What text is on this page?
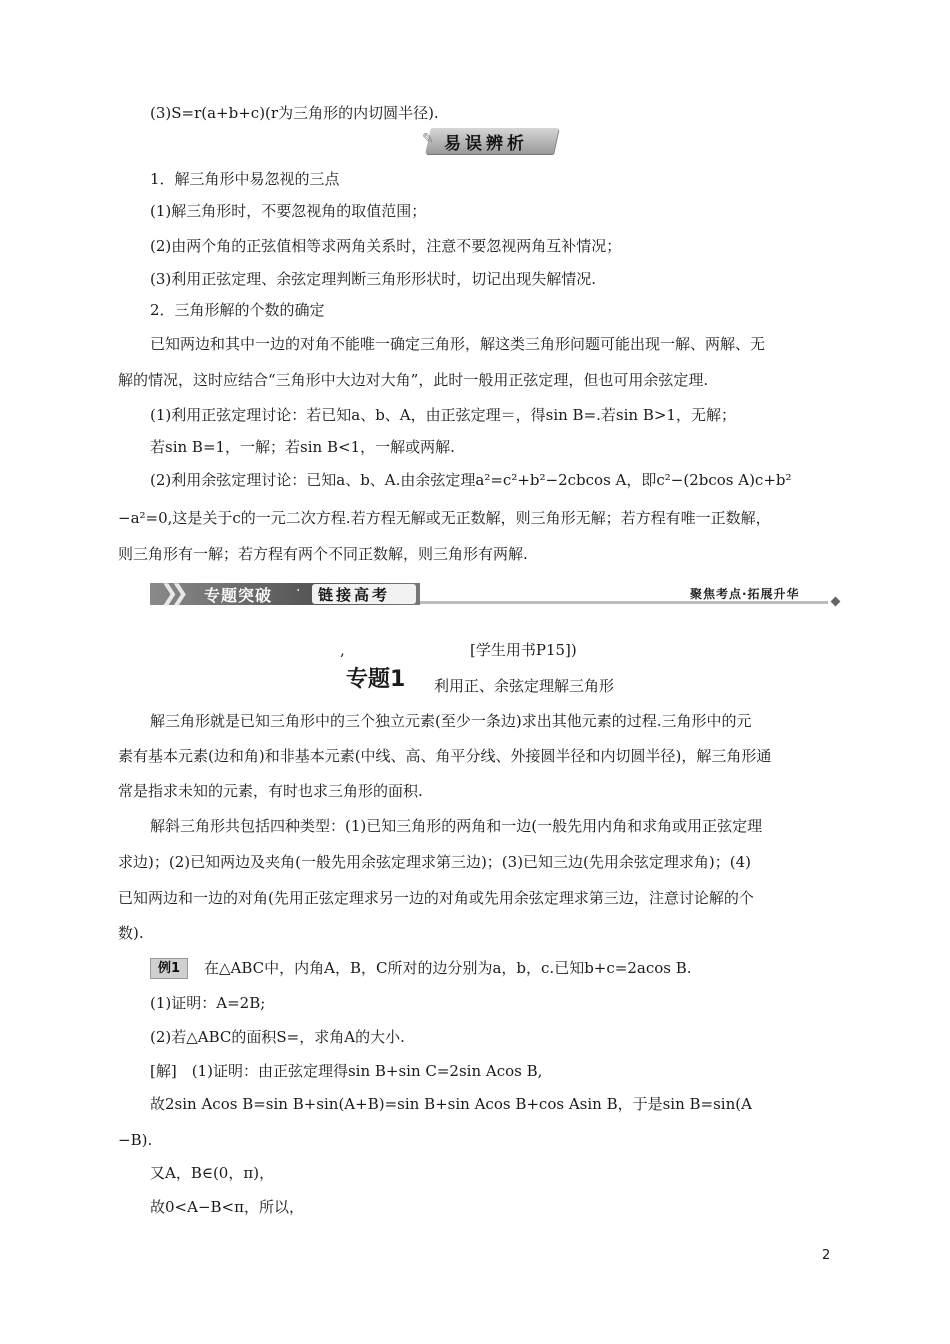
(3)S=r(a+b+c)(r为三角形的内切圆半径).
✎ 易误辨析
1．解三角形中易忽视的三点
(1)解三角形时，不要忽视角的取值范围；
(2)由两个角的正弦值相等求两角关系时，注意不要忽视两角互补情况；
(3)利用正弦定理、余弦定理判断三角形形状时，切记出现失解情况.
2．三角形解的个数的确定
已知两边和其中一边的对角不能唯一确定三角形，解这类三角形问题可能出现一解、两解、无
解的情况，这时应结合“三角形中大边对大角”，此时一般用正弦定理，但也可用余弦定理.
(1)利用正弦定理讨论：若已知a、b、A，由正弦定理＝，得sin B=.若sin B>1，无解；
若sin B=1，一解；若sin B<1，一解或两解.
(2)利用余弦定理讨论：已知a、b、A.由余弦定理a²=c²+b²−2cbcos A，即c²−(2bcos A)c+b²
−a²=0,这是关于c的一元二次方程.若方程无解或无正数解，则三角形无解；若方程有唯一正数解，
则三角形有一解；若方程有两个不同正数解，则三角形有两解.
❯❯ 专题突破 · 链接高考	聚焦考点·拓展升华
,	[学生用书P15])
专题1 利用正、余弦定理解三角形
解三角形就是已知三角形中的三个独立元素(至少一条边)求出其他元素的过程.三角形中的元
素有基本元素(边和角)和非基本元素(中线、高、角平分线、外接圆半径和内切圆半径)，解三角形通
常是指求未知的元素，有时也求三角形的面积.
解斜三角形共包括四种类型：(1)已知三角形的两角和一边(一般先用内角和求角或用正弦定理
求边)；(2)已知两边及夹角(一般先用余弦定理求第三边)；(3)已知三边(先用余弦定理求角)；(4)
已知两边和一边的对角(先用正弦定理求另一边的对角或先用余弦定理求第三边，注意讨论解的个
数).
例1	在△ABC中，内角A，B，C所对的边分别为a，b，c.已知b+c=2acos B.
(1)证明：A=2B;
(2)若△ABC的面积S=，求角A的大小.
[解]　(1)证明：由正弦定理得sin B+sin C=2sin Acos B,
故2sin Acos B=sin B+sin(A+B)=sin B+sin Acos B+cos Asin B，于是sin B=sin(A
−B).
又A，B∈(0，π)，
故0<A−B<π，所以，
2
